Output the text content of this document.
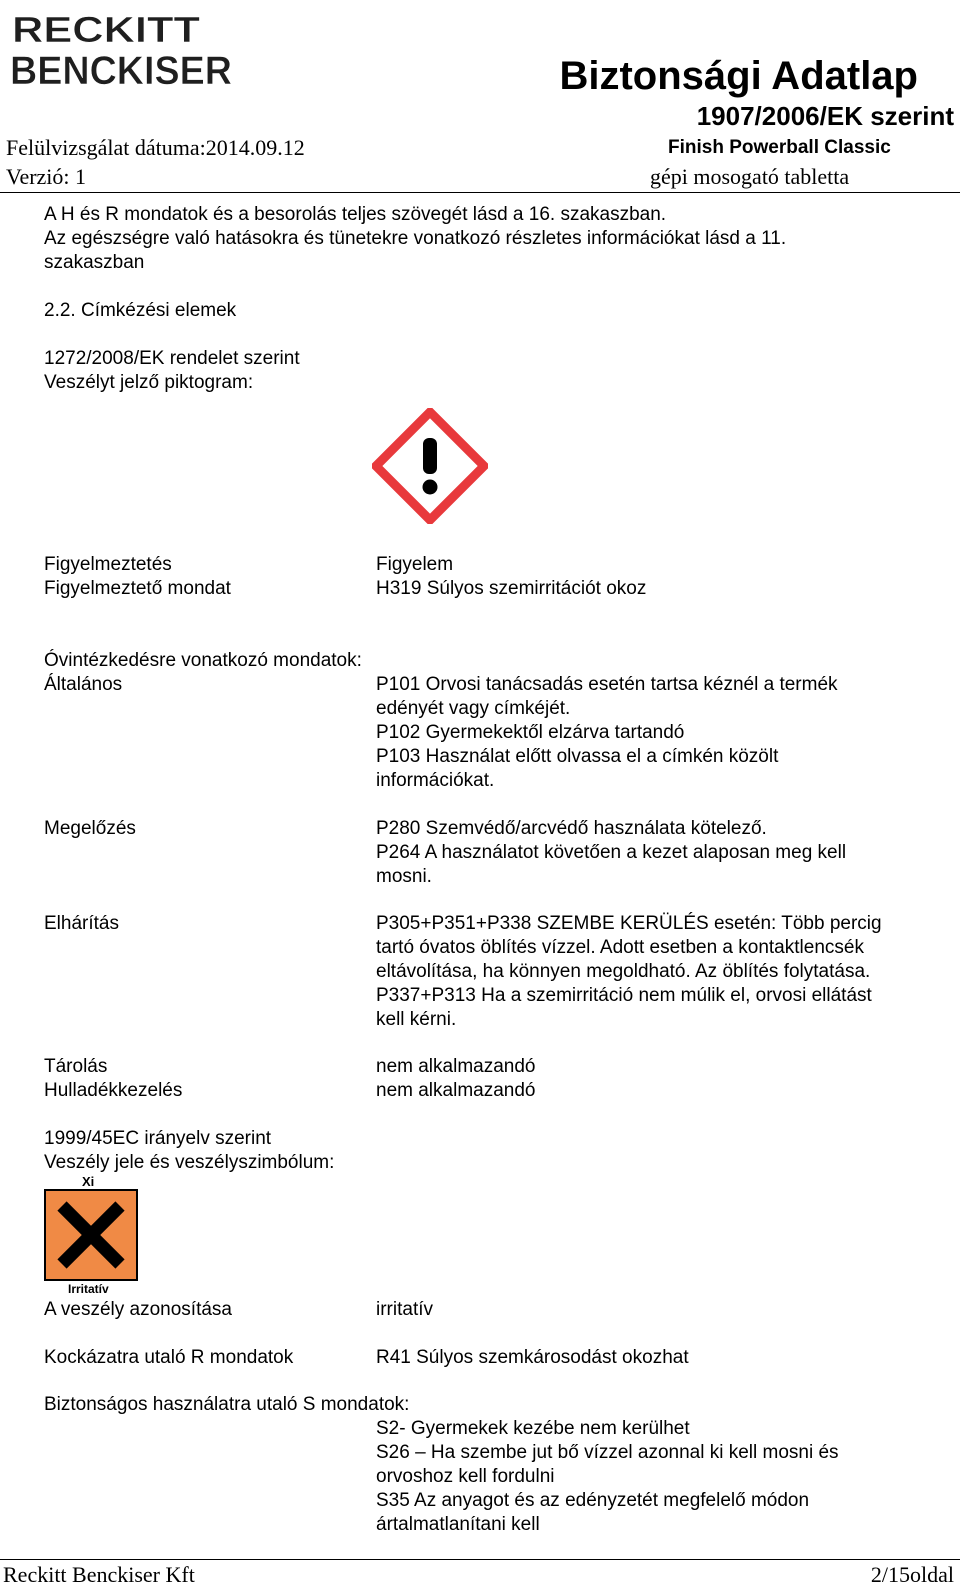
RECKITT
BENCKISER	Biztonsági Adatlap
1907/2006/EK szerint
Felülvizsgálat dátuma:2014.09.12
Verzió: 1
Finish Powerball Classic
gépi mosogató tabletta
A H és R mondatok és a besorolás teljes szövegét lásd a 16. szakaszban.
Az egészségre való hatásokra és tünetekre vonatkozó részletes információkat lásd a 11.
szakaszban
2.2. Címkézési elemek
1272/2008/EK rendelet szerint
Veszélyt jelző piktogram:
Figyelmeztetés	Figyelem
Figyelmeztető mondat	H319 Súlyos szemirritációt okoz
Óvintézkedésre vonatkozó mondatok:
Általános	P101 Orvosi tanácsadás esetén tartsa kéznél a termék
edényét vagy címkéjét.
P102 Gyermekektől elzárva tartandó
P103 Használat előtt olvassa el a címkén közölt
információkat.
Megelőzés	P280 Szemvédő/arcvédő használata kötelező.
P264 A használatot követően a kezet alaposan meg kell
mosni.
Elhárítás	P305+P351+P338 SZEMBE KERÜLÉS esetén: Több percig
tartó óvatos öblítés vízzel. Adott esetben a kontaktlencsék
eltávolítása, ha könnyen megoldható. Az öblítés folytatása.
P337+P313 Ha a szemirritáció nem múlik el, orvosi ellátást
kell kérni.
Tárolás	nem alkalmazandó
Hulladékkezelés	nem alkalmazandó
1999/45EC irányelv szerint
Veszély jele és veszélyszimbólum:
Xi
Irritatív
A veszély azonosítása	irritatív
Kockázatra utaló R mondatok	R41 Súlyos szemkárosodást okozhat
Biztonságos használatra utaló S mondatok:
S2- Gyermekek kezébe nem kerülhet
S26 – Ha szembe jut bő vízzel azonnal ki kell mosni és
orvoshoz kell fordulni
S35 Az anyagot és az edényzetét megfelelő módon
ártalmatlanítani kell
Reckitt Benckiser Kft	2/15oldal
